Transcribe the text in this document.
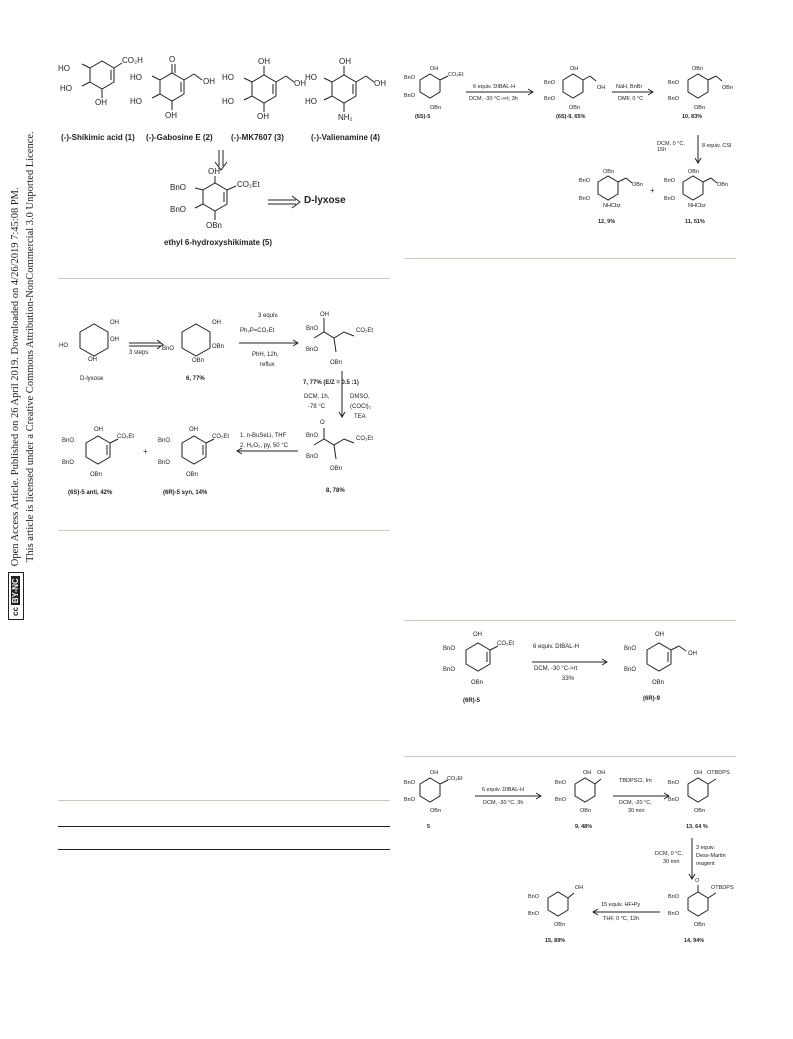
ccBY-NCOpen Access Article. Published on 26 April 2019. Downloaded on 4/26/2019 7:45:08 PM. This article is licensed under a Creative Commons Attribution-NonCommercial 3.0 Unported Licence.
HO
HO
OH
CO₂H
(-)-Shikimic acid (1)
O
HO
HO
OH
OH
(-)-Gabosine E (2)
OH
HO
HO
OH
OH
(-)-MK7607 (3)
OH
HO
HO
NH₂
OH
(-)-Valienamine (4)
OH
BnO
BnO
OBn
CO₂Et
ethyl 6-hydroxyshikimate (5)
D-lyxose
OH
BnO
BnO
OBn
CO₂Et
(6S)-5
6 equiv. DIBAL-H
DCM, -30 °C->rt, 3h
OH
BnO
BnO
OBn
OH
(6S)-9, 65%
NaH, BnBr
DMF, 0 °C
OBn
BnO
BnO
OBn
OBn
10, 83%
DCM, 0 °C, 15h
8 equiv. CSI
OBn
BnO
BnO
NHCbz
OBn
12, 9%
+
OBn
BnO
BnO
NHCbz
OBn
11, 51%
OH
OH
HO
OH
D-lyxose
3 steps
OH
BnO	OBn
OBn
6, 77%
3 equiv.
Ph₃P=CO₂Et
PhH, 12h,
reflux
OH
BnO
BnO
OBn
CO₂Et
7, 77% (E/Z = 0.5 :1)
DCM, 1h,
-78 °C
DMSO,
(COCl)₂
TEA
O
BnO
BnO
OBn
CO₂Et
8, 78%
1. n-BuSeLi, THF
2. H₂O₂, py, 50 °C
OH
BnO
BnO
OBn
CO₂Et
(6S)-5 anti, 42%
+
OH
BnO
BnO
OBn
CO₂Et
(6R)-5 syn, 14%
OH
BnO
BnO
OBn
CO₂Et
(6R)-5
6 equiv. DIBAL-H
DCM, -30 °C->rt
33%
OH
BnO
BnO
OBn
OH
(6R)-9
OH
BnO
BnO
OBn
CO₂Et
5
6 equiv. DIBAL-H
DCM, -30 °C, 3h
OH OH
BnO
BnO
OBn
9, 48%
TBDPSCl, Im
DCM, -20 °C,
30 min
OH OTBDPS
BnO
BnO
OBn
13, 64 %
DCM, 0 °C,
30 min
3 equiv.
Dess-Martin
reagent
O
OTBDPS
BnO
BnO
OBn
14, 94%
15 equiv. HF•Py
THF, 0 °C, 12h
OH
BnO
BnO
OBn
15, 89%
